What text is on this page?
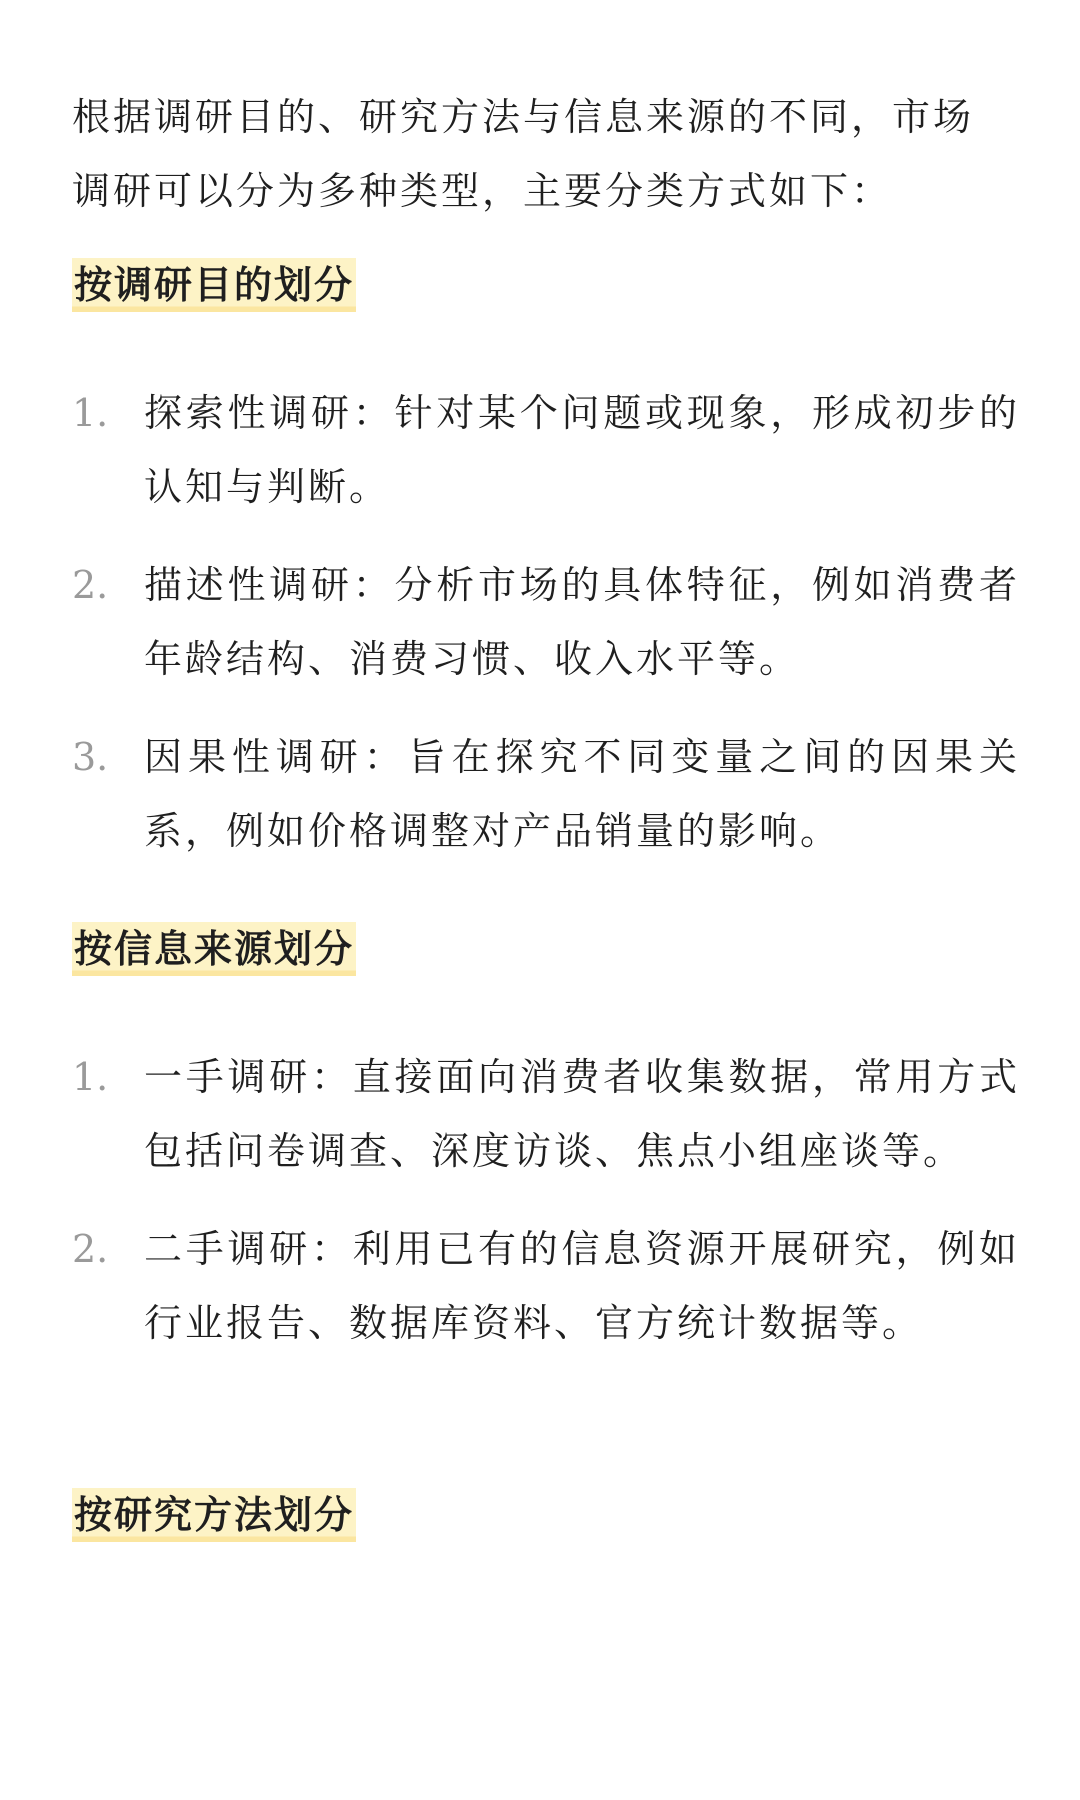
根据调研目的、研究方法与信息来源的不同，市场调研可以分为多种类型，主要分类方式如下：

按调研目的划分
1. 探索性调研：针对某个问题或现象，形成初步的认知与判断。
2. 描述性调研：分析市场的具体特征，例如消费者年龄结构、消费习惯、收入水平等。
3. 因果性调研：旨在探究不同变量之间的因果关系，例如价格调整对产品销量的影响。
按信息来源划分
1. 一手调研：直接面向消费者收集数据，常用方式包括问卷调查、深度访谈、焦点小组座谈等。
2. 二手调研：利用已有的信息资源开展研究，例如行业报告、数据库资料、官方统计数据等。
按研究方法划分
